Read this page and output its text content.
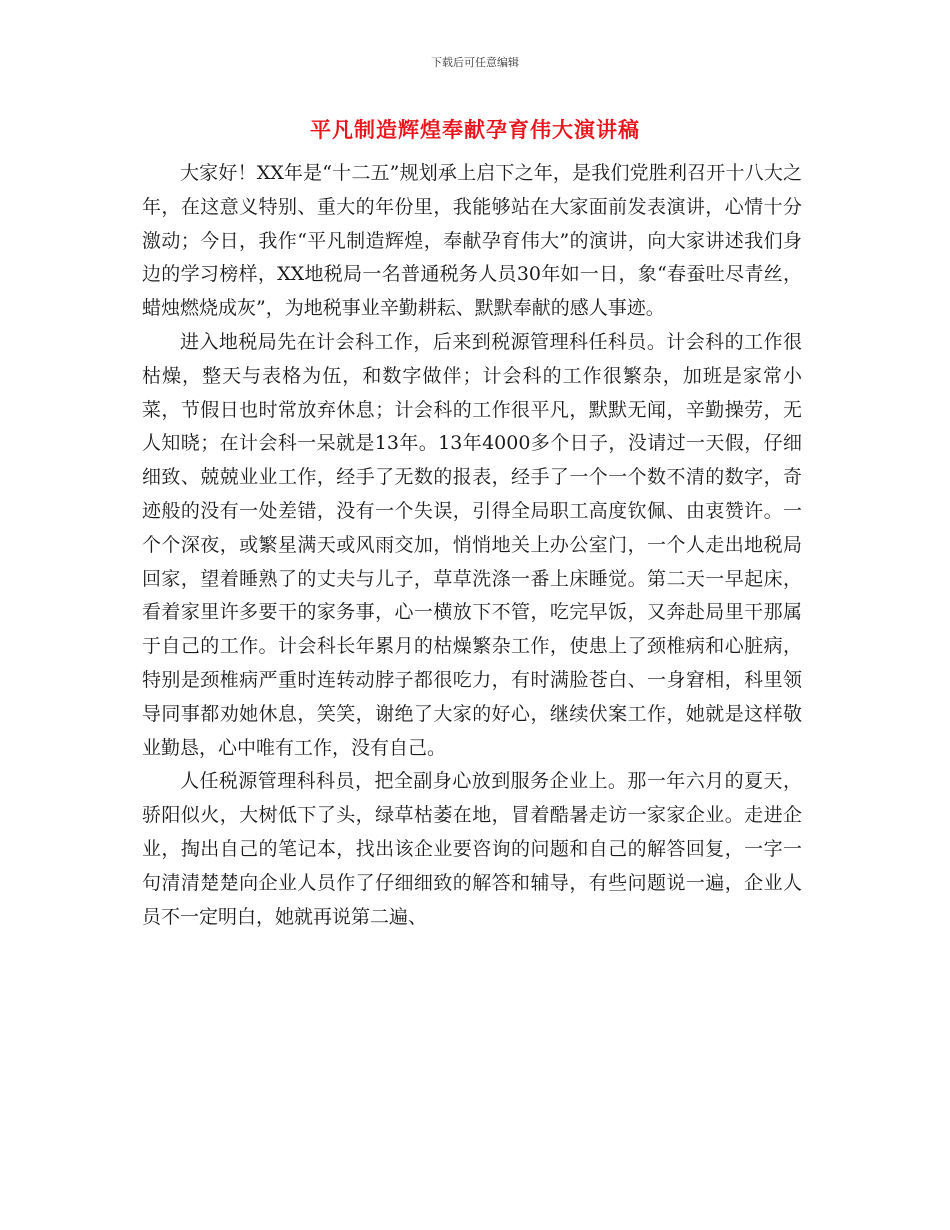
下载后可任意编辑
平凡制造辉煌奉献孕育伟大演讲稿

大家好！XX年是“十二五”规划承上启下之年，是我们党胜利召开十八大之年，在这意义特别、重大的年份里，我能够站在大家面前发表演讲，心情十分激动；今日，我作“平凡制造辉煌，奉献孕育伟大”的演讲，向大家讲述我们身边的学习榜样，XX地税局一名普通税务人员30年如一日，象“春蚕吐尽青丝，蜡烛燃烧成灰”，为地税事业辛勤耕耘、默默奉献的感人事迹。

进入地税局先在计会科工作，后来到税源管理科任科员。计会科的工作很枯燥，整天与表格为伍，和数字做伴；计会科的工作很繁杂，加班是家常小菜，节假日也时常放弃休息；计会科的工作很平凡，默默无闻，辛勤操劳，无人知晓；在计会科一呆就是13年。13年4000多个日子，没请过一天假，仔细细致、兢兢业业工作，经手了无数的报表，经手了一个一个数不清的数字，奇迹般的没有一处差错，没有一个失误，引得全局职工高度钦佩、由衷赞许。一个个深夜，或繁星满天或风雨交加，悄悄地关上办公室门，一个人走出地税局回家，望着睡熟了的丈夫与儿子，草草洗涤一番上床睡觉。第二天一早起床，看着家里许多要干的家务事，心一横放下不管，吃完早饭，又奔赴局里干那属于自己的工作。计会科长年累月的枯燥繁杂工作，使患上了颈椎病和心脏病，特别是颈椎病严重时连转动脖子都很吃力，有时满脸苍白、一身窘相，科里领导同事都劝她休息，笑笑，谢绝了大家的好心，继续伏案工作，她就是这样敬业勤恳，心中唯有工作，没有自己。

人任税源管理科科员，把全副身心放到服务企业上。那一年六月的夏天，骄阳似火，大树低下了头，绿草枯萎在地，冒着酷暑走访一家家企业。走进企业，掏出自己的笔记本，找出该企业要咨询的问题和自己的解答回复，一字一句清清楚楚向企业人员作了仔细细致的解答和辅导，有些问题说一遍，企业人员不一定明白，她就再说第二遍、
